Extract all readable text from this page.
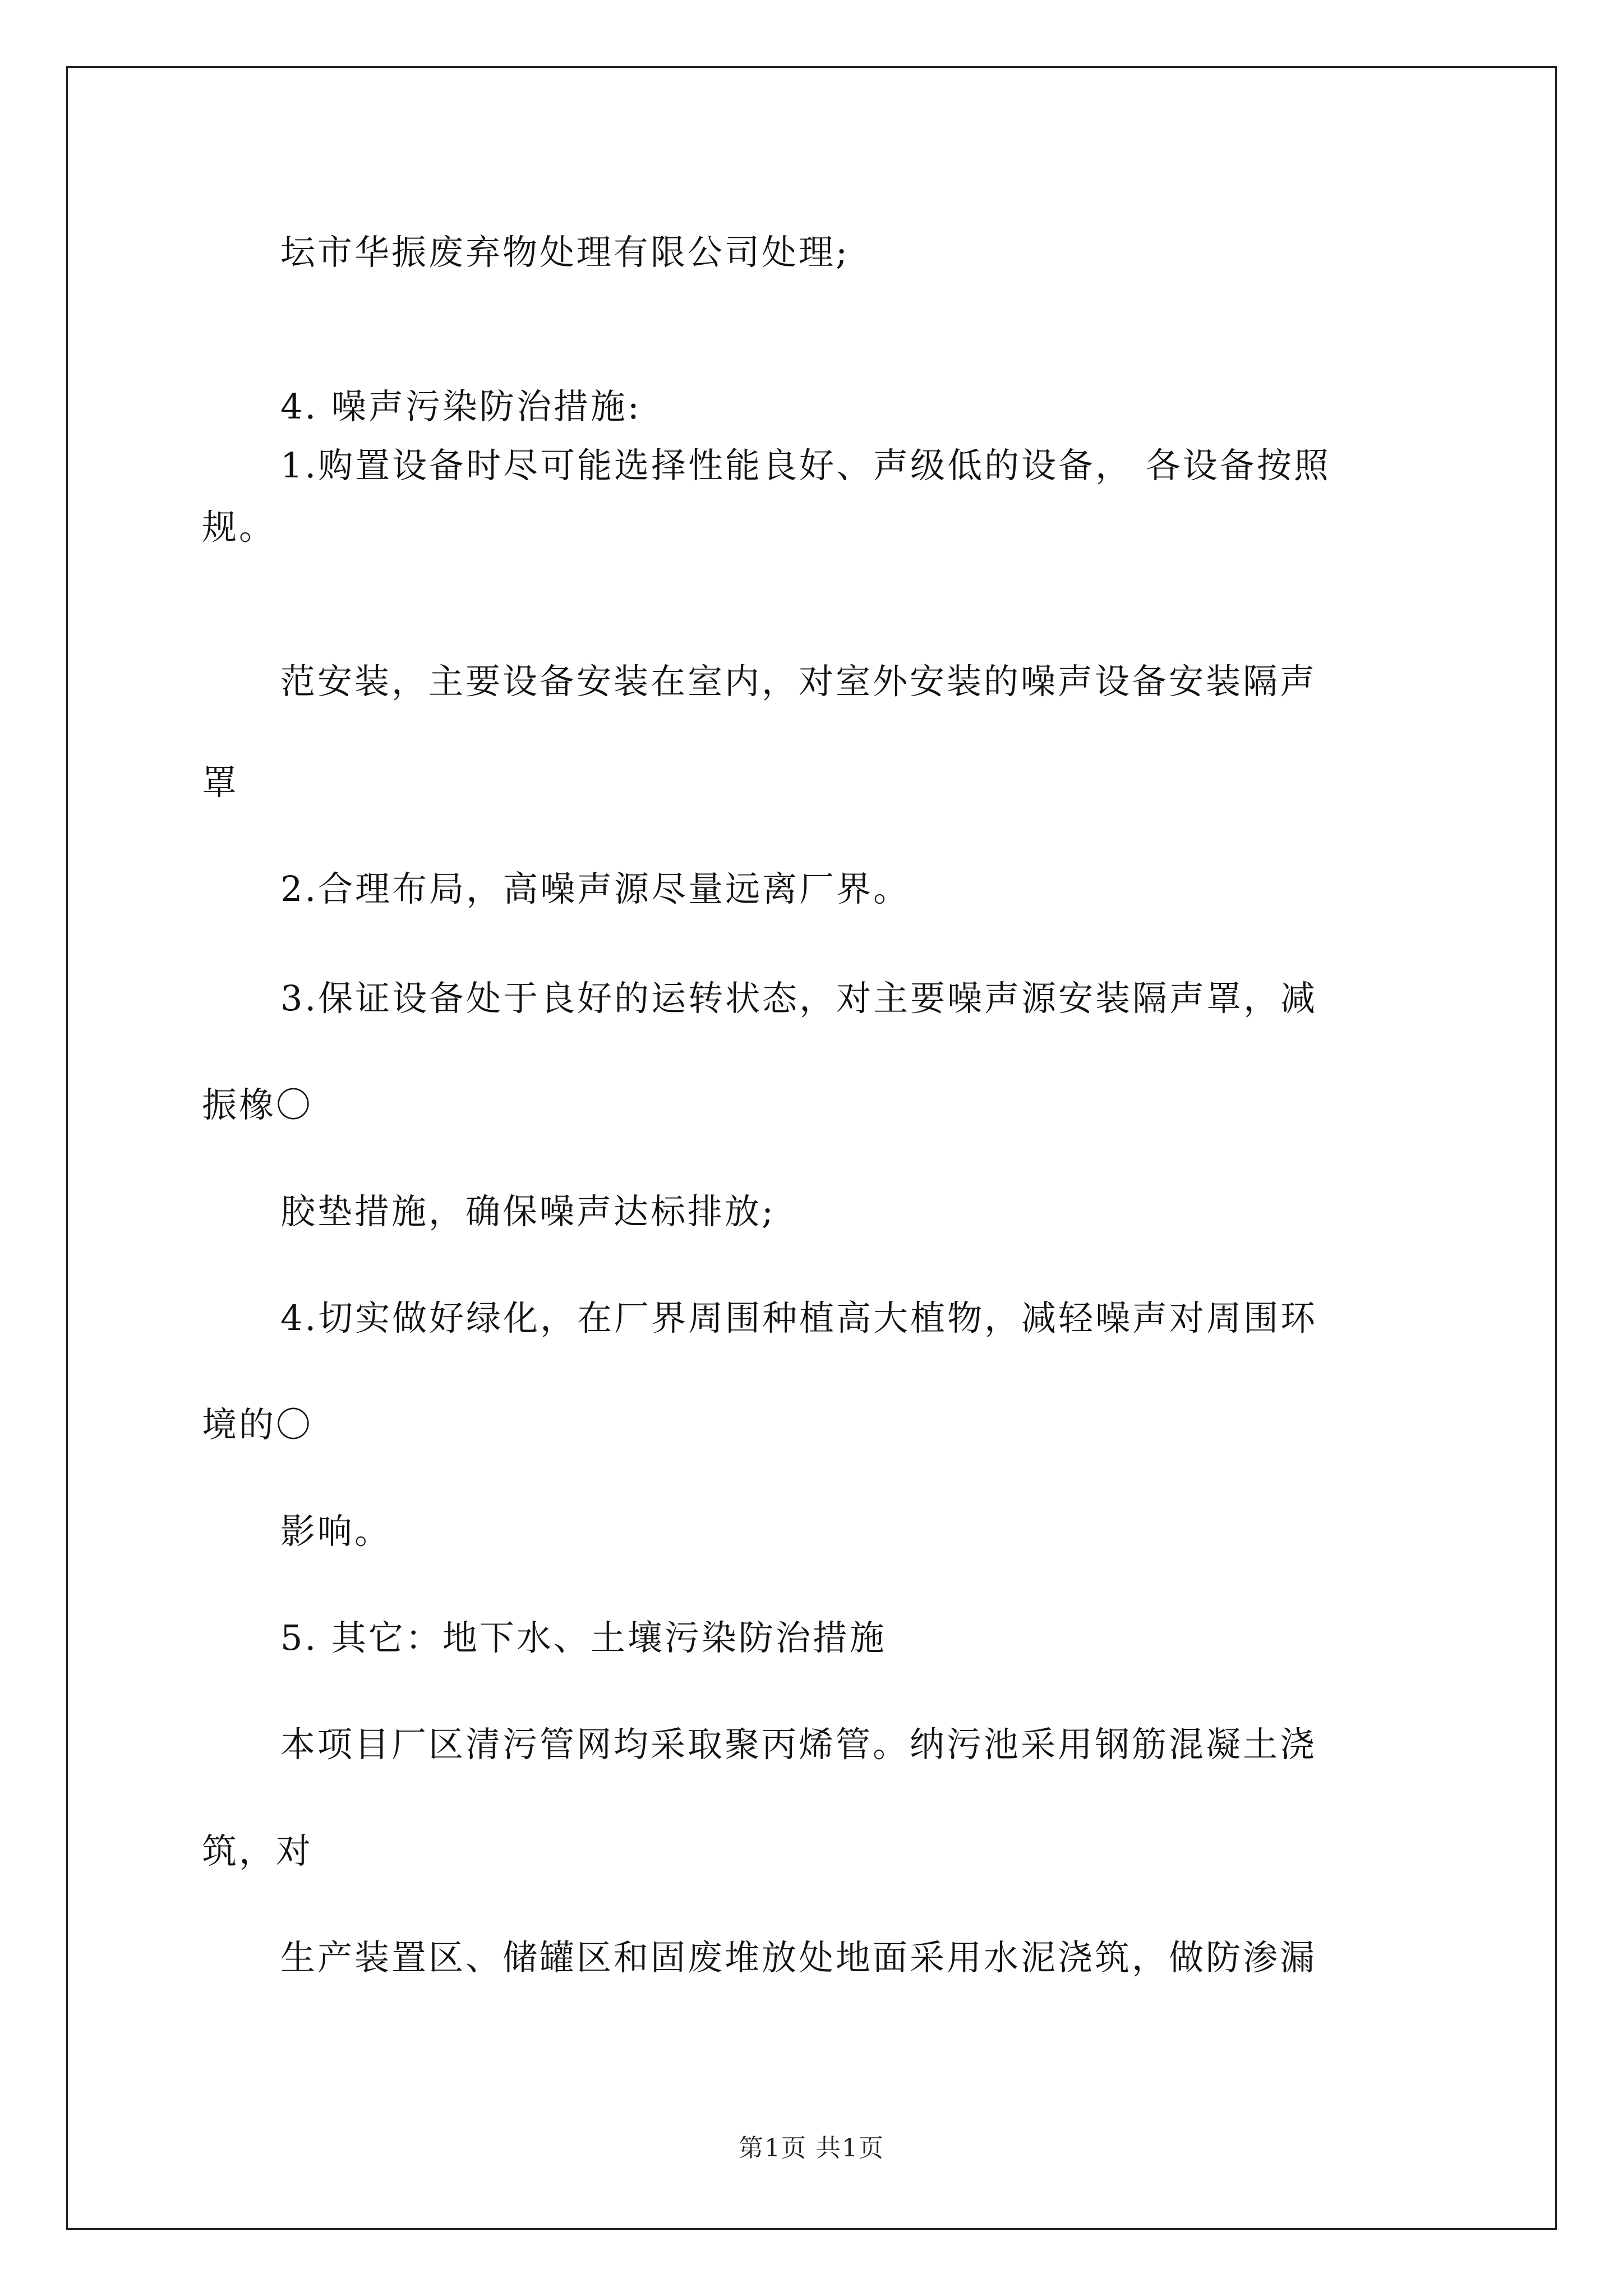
坛市华振废弃物处理有限公司处理;
4. 噪声污染防治措施:
1.购置设备时尽可能选择性能良好、声级低的设备， 各设备按照
规。
范安装，主要设备安装在室内，对室外安装的噪声设备安装隔声
罩
2.合理布局，高噪声源尽量远离厂界。
3.保证设备处于良好的运转状态，对主要噪声源安装隔声罩，减
振橡〇
胶垫措施，确保噪声达标排放;
4.切实做好绿化，在厂界周围种植高大植物，减轻噪声对周围环
境的〇
影响。
5. 其它：地下水、土壤污染防治措施
本项目厂区清污管网均采取聚丙烯管。纳污池采用钢筋混凝土浇
筑，对
生产装置区、储罐区和固废堆放处地面采用水泥浇筑，做防渗漏
第1页 共1页
